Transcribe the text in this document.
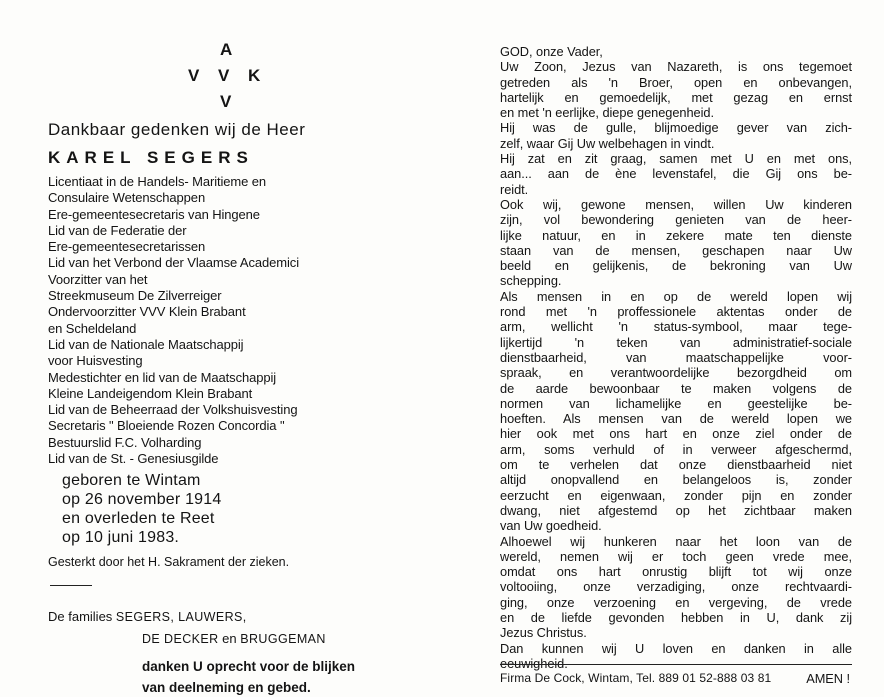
A
V V K
V
Dankbaar gedenken wij de Heer
KAREL SEGERS
Licentiaat in de Handels- Maritieme en
Consulaire Wetenschappen
Ere-gemeentesecretaris van Hingene
Lid van de Federatie der
Ere-gemeentesecretarissen
Lid van het Verbond der Vlaamse Academici
Voorzitter van het
Streekmuseum De Zilverreiger
Ondervoorzitter VVV Klein Brabant
en Scheldeland
Lid van de Nationale Maatschappij
voor Huisvesting
Medestichter en lid van de Maatschappij
Kleine Landeigendom Klein Brabant
Lid van de Beheerraad der Volkshuisvesting
Secretaris " Bloeiende Rozen Concordia "
Bestuurslid F.C. Volharding
Lid van de St. - Genesiusgilde
geboren te Wintam
op 26 november 1914
en overleden te Reet
op 10 juni 1983.
Gesterkt door het H. Sakrament der zieken.
De families SEGERS, LAUWERS,
DE DECKER en BRUGGEMAN
danken U oprecht voor de blijken
van deelneming en gebed.
GOD, onze Vader,
Uw Zoon, Jezus van Nazareth, is ons tegemoet
getreden als 'n Broer, open en onbevangen,
hartelijk en gemoedelijk, met gezag en ernst
en met 'n eerlijke, diepe genegenheid.
Hij was de gulle, blijmoedige gever van zich-
zelf, waar Gij Uw welbehagen in vindt.
Hij zat en zit graag, samen met U en met ons,
aan... aan de ène levenstafel, die Gij ons be-
reidt.
Ook wij, gewone mensen, willen Uw kinderen
zijn, vol bewondering genieten van de heer-
lijke natuur, en in zekere mate ten dienste
staan van de mensen, geschapen naar Uw
beeld en gelijkenis, de bekroning van Uw
schepping.
Als mensen in en op de wereld lopen wij
rond met 'n proffessionele aktentas onder de
arm, wellicht 'n status-symbool, maar tege-
lijkertijd 'n teken van administratief-sociale
dienstbaarheid, van maatschappelijke voor-
spraak, en verantwoordelijke bezorgdheid om
de aarde bewoonbaar te maken volgens de
normen van lichamelijke en geestelijke be-
hoeften. Als mensen van de wereld lopen we
hier ook met ons hart en onze ziel onder de
arm, soms verhuld of in verweer afgeschermd,
om te verhelen dat onze dienstbaarheid niet
altijd onopvallend en belangeloos is, zonder
eerzucht en eigenwaan, zonder pijn en zonder
dwang, niet afgestemd op het zichtbaar maken
van Uw goedheid.
Alhoewel wij hunkeren naar het loon van de
wereld, nemen wij er toch geen vrede mee,
omdat ons hart onrustig blijft tot wij onze
voltooiing, onze verzadiging, onze rechtvaardi-
ging, onze verzoening en vergeving, de vrede
en de liefde gevonden hebben in U, dank zij
Jezus Christus.
Dan kunnen wij U loven en danken in alle
eeuwigheid.
AMEN !
Firma De Cock, Wintam, Tel. 889 01 52-888 03 81
